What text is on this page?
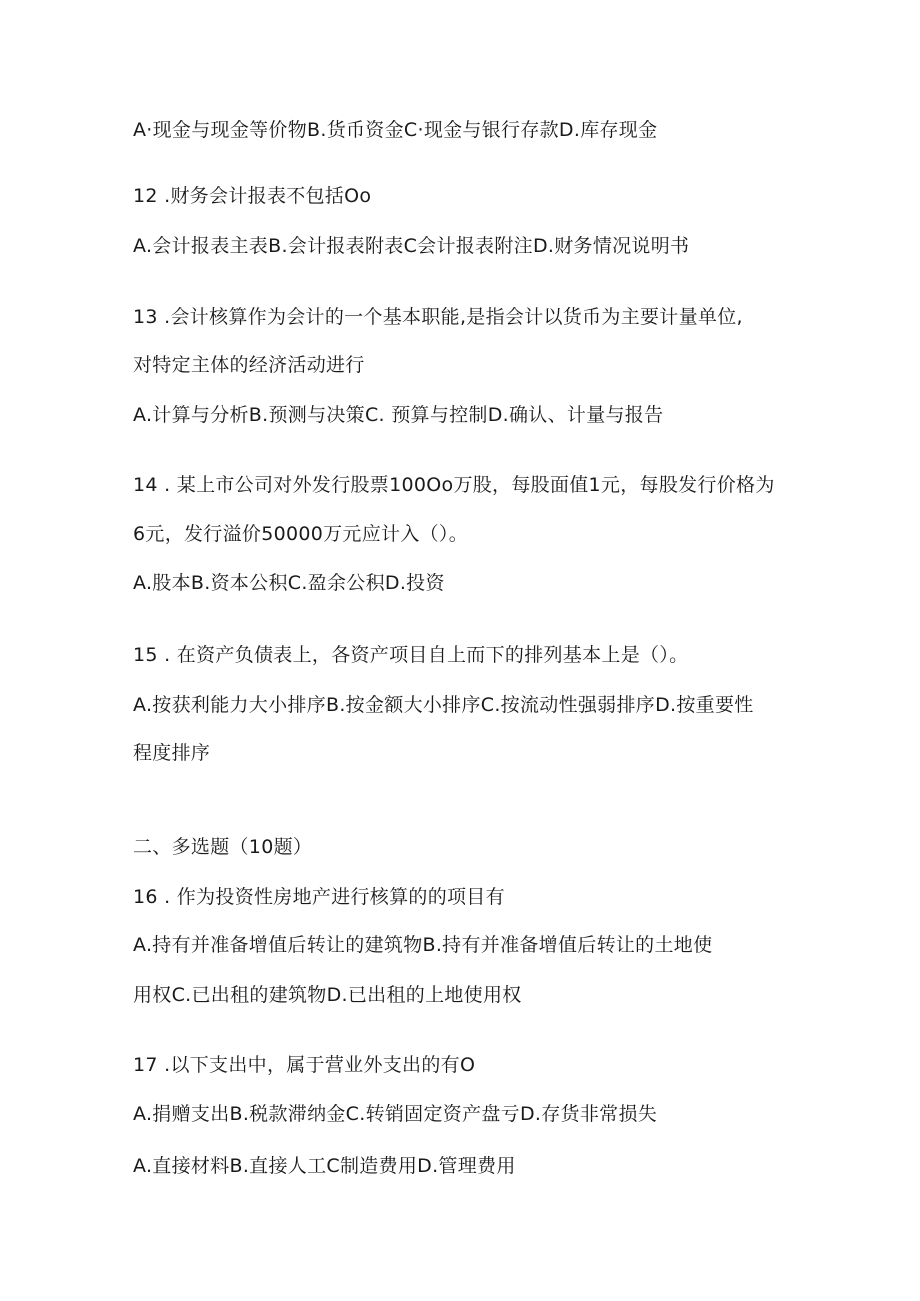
A·现金与现金等价物B.货币资金C·现金与银行存款D.库存现金
12 .财务会计报表不包括Oo
A.会计报表主表B.会计报表附表C会计报表附注D.财务情况说明书
13 .会计核算作为会计的一个基本职能,是指会计以货币为主要计量单位,
对特定主体的经济活动进行
A.计算与分析B.预测与决策C. 预算与控制D.确认、计量与报告
14 . 某上市公司对外发行股票100Oo万股，每股面值1元，每股发行价格为
6元，发行溢价50000万元应计入（）。
A.股本B.资本公积C.盈余公积D.投资
15 . 在资产负债表上，各资产项目自上而下的排列基本上是（）。
A.按获利能力大小排序B.按金额大小排序C.按流动性强弱排序D.按重要性
程度排序
二、多选题（10题）
16 . 作为投资性房地产进行核算的的项目有
A.持有并准备增值后转让的建筑物B.持有并准备增值后转让的土地使
用权C.已出租的建筑物D.已出租的上地使用权
17 .以下支出中，属于营业外支出的有O
A.捐赠支出B.税款滞纳金C.转销固定资产盘亏D.存货非常损失
A.直接材料B.直接人工C制造费用D.管理费用
